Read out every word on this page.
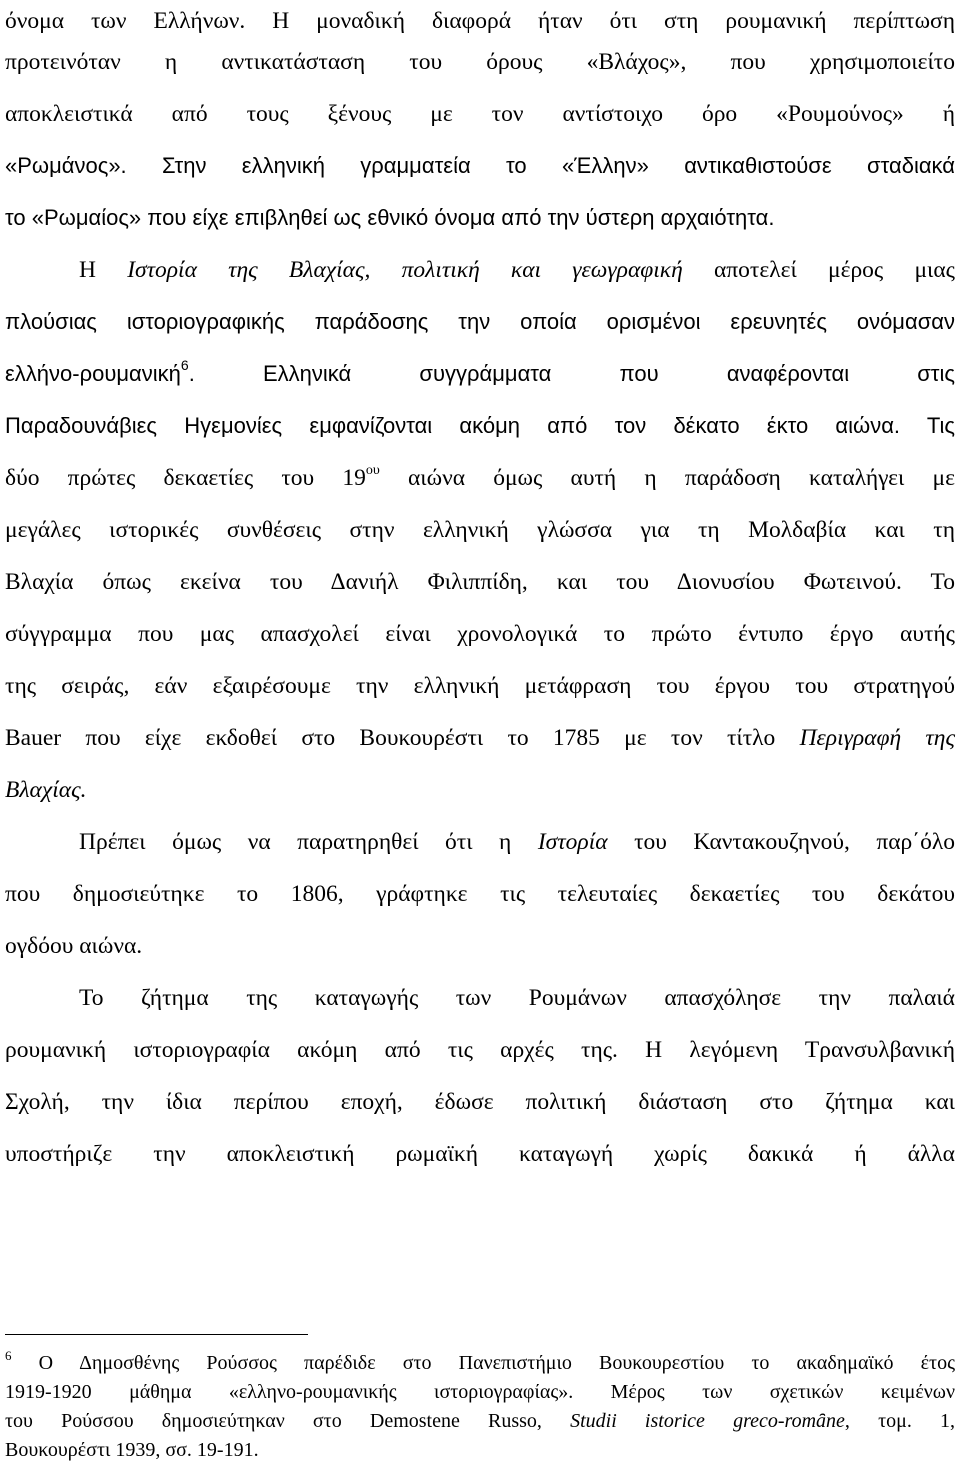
όνομα των Ελλήνων. Η μοναδική διαφορά ήταν ότι στη ρουμανική περίπτωση
προτεινόταν η αντικατάσταση του όρους «Βλάχος», που χρησιμοποιείτο
αποκλειστικά από τους ξένους με τον αντίστοιχο όρο «Ρουμούνος» ή
«Ρωμάνος». Στην ελληνική γραμματεία το «Έλλην» αντικαθιστούσε σταδιακά
το «Ρωμαίος» που είχε επιβληθεί ως εθνικό όνομα από την ύστερη αρχαιότητα.
Η Ιστορία της Βλαχίας, πολιτική και γεωγραφική αποτελεί μέρος μιας
πλούσιας ιστοριογραφικής παράδοσης την οποία ορισμένοι ερευνητές ονόμασαν
ελλήνο-ρουμανική$^6$. Ελληνικά συγγράμματα που αναφέρονται στις
Παραδουνάβιες Ηγεμονίες εμφανίζονται ακόμη από τον δέκατο έκτο αιώνα. Τις
δύο πρώτες δεκαετίες του $19^{o\upsilon}$ αιώνα όμως αυτή η παράδοση καταλήγει με
μεγάλες ιστορικές συνθέσεις στην ελληνική γλώσσα για τη Μολδαβία και τη
Βλαχία όπως εκείνα του Δανιήλ Φιλιππίδη, και του Διονυσίου Φωτεινού. Το
σύγγραμμα που μας απασχολεί είναι χρονολογικά το πρώτο έντυπο έργο αυτής
της σειράς, εάν εξαιρέσουμε την ελληνική μετάφραση του έργου του στρατηγού
Bauer που είχε εκδοθεί στο Βουκουρέστι το 1785 με τον τίτλο Περιγραφή της
Βλαχίας.
Πρέπει όμως να παρατηρηθεί ότι η Ιστορία του Καντακουζηνού, παρ΄όλο
που δημοσιεύτηκε το 1806, γράφτηκε τις τελευταίες δεκαετίες του δεκάτου
ογδόου αιώνα.
Το ζήτημα της καταγωγής των Ρουμάνων απασχόλησε την παλαιά
ρουμανική ιστοριογραφία ακόμη από τις αρχές της. Η λεγόμενη Τρανσυλβανική
Σχολή, την ίδια περίπου εποχή, έδωσε πολιτική διάσταση στο ζήτημα και
υποστήριζε την αποκλειστική ρωμαϊκή καταγωγή χωρίς δακικά ή άλλα
$^6$ Ο Δημοσθένης Ρούσσος παρέδιδε στο Πανεπιστήμιο Βουκουρεστίου το ακαδημαϊκό έτος
1919-1920 μάθημα «ελληνο-ρουμανικής ιστοριογραφίας». Μέρος των σχετικών κειμένων
του Ρούσσου δημοσιεύτηκαν στο Demostene Russo, Studii istorice greco-romȃne, τομ. 1,
Βουκουρέστι 1939, σσ. 19-191.
